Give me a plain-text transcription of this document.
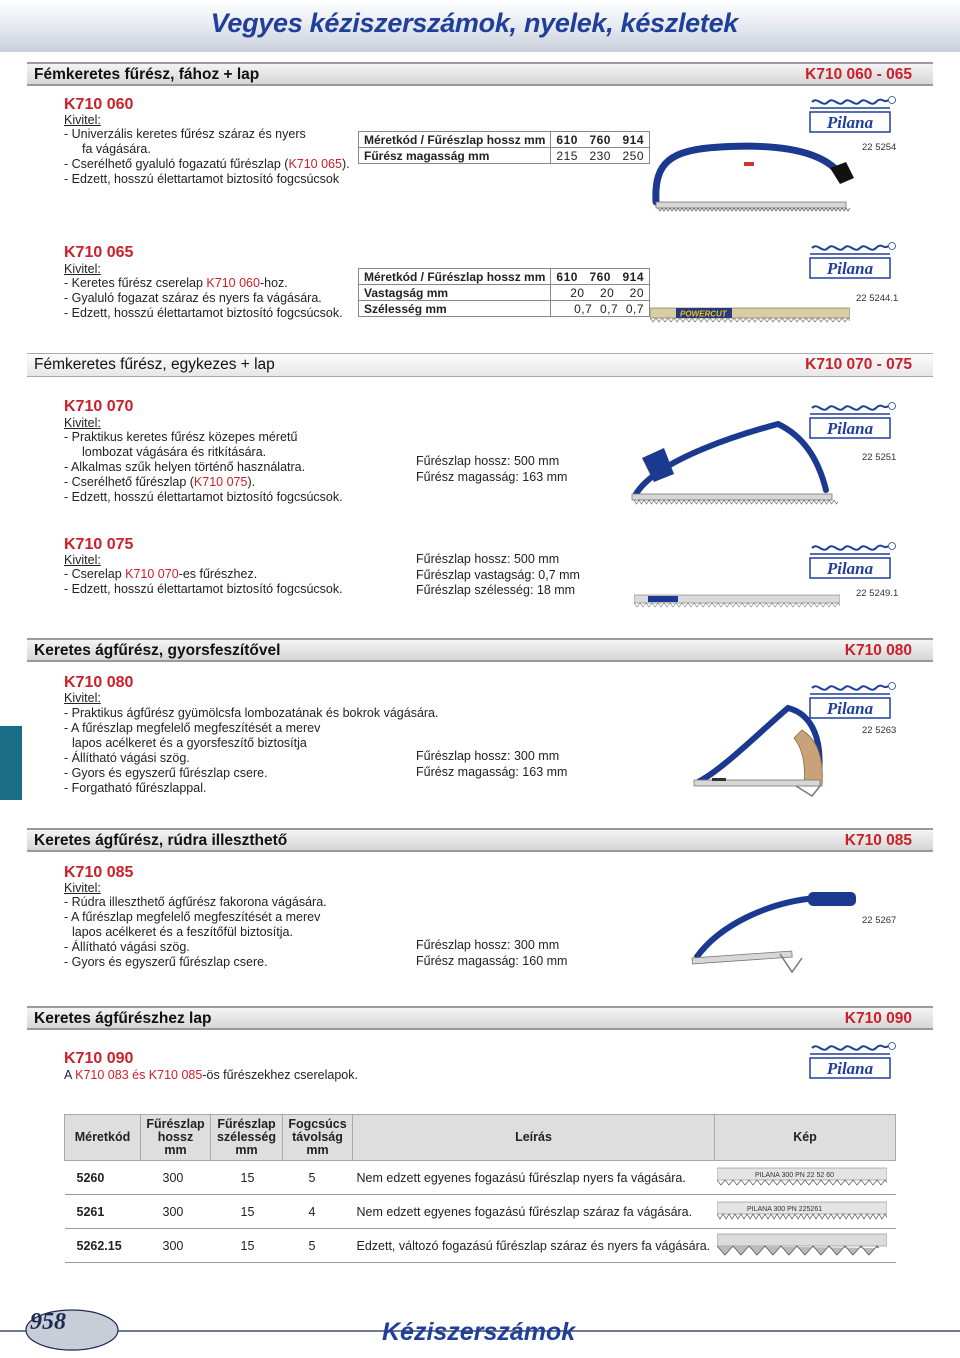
Vegyes kéziszerszámok, nyelek, készletek
Fémkeretes fűrész, fához + lap	K710 060 - 065
K710 060
Kivitel:
- Univerzális keretes fűrész száraz és nyers
fa vágására.
- Cserélhető gyaluló fogazatú fűrészlap (K710 065).
- Edzett, hosszú élettartamot biztosító fogcsúcsok
Méretkód / Fűrészlap hossz mm	610 760 914
Fűrész magasság mm	215 230 250
Pilana
22 5254
K710 065
Kivitel:
- Keretes fűrész cserelap K710 060-hoz.
- Gyaluló fogazat száraz és nyers fa vágására.
- Edzett, hosszú élettartamot biztosító fogcsúcsok.
Méretkód / Fűrészlap hossz mm	610 760 914
Vastagság mm	20 20 20
Szélesség mm	0,7 0,7 0,7	POWERCUT
Pilana
22 5244.1
Fémkeretes fűrész, egykezes + lap	K710 070 - 075
K710 070
Kivitel:
- Praktikus keretes fűrész közepes méretű
lombozat vágására és ritkítására.
- Alkalmas szűk helyen történő használatra.
- Cserélhető fűrészlap (K710 075).
- Edzett, hosszú élettartamot biztosító fogcsúcsok.
Fűrészlap hossz: 500 mm
Fűrész magasság: 163 mm
Pilana
22 5251
K710 075
Kivitel:
- Cserelap K710 070-es fűrészhez.
- Edzett, hosszú élettartamot biztosító fogcsúcsok.
Fűrészlap hossz: 500 mm
Fűrészlap vastagság: 0,7 mm
Fűrészlap szélesség: 18 mm
Pilana
22 5249.1
Keretes ágfűrész, gyorsfeszítővel	K710 080
K710 080
Kivitel:
- Praktikus ágfűrész gyümölcsfa lombozatának és bokrok vágására.
- A fűrészlap megfelelő megfeszítését a merev
lapos acélkeret és a gyorsfeszítő biztosítja
- Állítható vágási szög.
- Gyors és egyszerű fűrészlap csere.
- Forgatható fűrészlappal.
Fűrészlap hossz: 300 mm
Fűrész magasság: 163 mm
Pilana
22 5263
Keretes ágfűrész, rúdra illeszthető	K710 085
K710 085
Kivitel:
- Rúdra illeszthető ágfűrész fakorona vágására.
- A fűrészlap megfelelő megfeszítését a merev
lapos acélkeret és a feszítőfül biztosítja.
- Állítható vágási szög.
- Gyors és egyszerű fűrészlap csere.
Fűrészlap hossz: 300 mm
Fűrész magasság: 160 mm
22 5267
Keretes ágfűrészhez lap	K710 090
K710 090
A K710 083 és K710 085-ös fűrészekhez cserelapok.	Pilana
Méretkód	Fűrészlap
hossz
mm	Fűrészlap
szélesség
mm	Fogcsúcs
távolság
mm	Leírás	Kép
5260	300	15	5	Nem edzett egyenes fogazású fűrészlap nyers fa vágására.	PILANA 300 PN 22 52 60

5261	300	15	4	Nem edzett egyenes fogazású fűrészlap száraz fa vágására.	PILANA 300 PN 225261

5262.15	300	15	5	Edzett, változó fogazású fűrészlap száraz és nyers fa vágására.	
958	Kéziszerszámok
